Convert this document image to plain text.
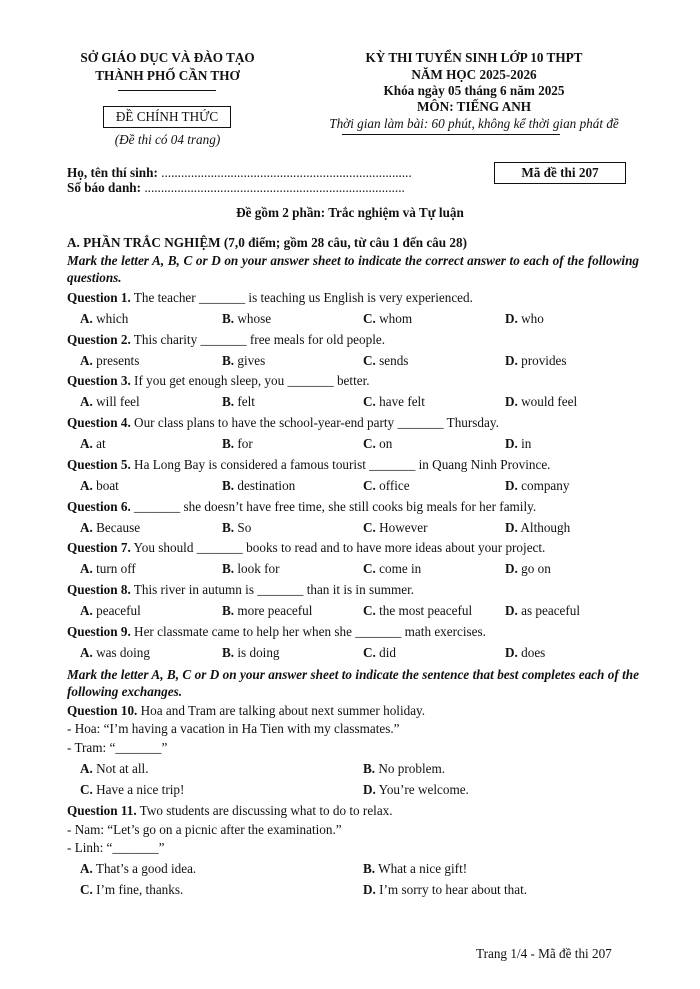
SỞ GIÁO DỤC VÀ ĐÀO TẠO
THÀNH PHỐ CẦN THƠ
ĐỀ CHÍNH THỨC
(Đề thi có 04 trang)
KỲ THI TUYỂN SINH LỚP 10 THPT
NĂM HỌC 2025-2026
Khóa ngày 05 tháng 6 năm 2025
MÔN: TIẾNG ANH
Thời gian làm bài: 60 phút, không kể thời gian phát đề
Họ, tên thí sinh: ............................................................................
Số báo danh: ...............................................................................
Mã đề thi 207
Đề gồm 2 phần: Trắc nghiệm và Tự luận
A. PHẦN TRẮC NGHIỆM (7,0 điểm; gồm 28 câu, từ câu 1 đến câu 28)
Mark the letter A, B, C or D on your answer sheet to indicate the correct answer to each of the following questions.
Question 1. The teacher _______ is teaching us English is very experienced.
A. which	B. whose	C. whom	D. who
Question 2. This charity _______ free meals for old people.
A. presents	B. gives	C. sends	D. provides
Question 3. If you get enough sleep, you _______ better.
A. will feel	B. felt	C. have felt	D. would feel
Question 4. Our class plans to have the school-year-end party _______ Thursday.
A. at	B. for	C. on	D. in
Question 5. Ha Long Bay is considered a famous tourist _______ in Quang Ninh Province.
A. boat	B. destination	C. office	D. company
Question 6. _______ she doesn’t have free time, she still cooks big meals for her family.
A. Because	B. So	C. However	D. Although
Question 7. You should _______ books to read and to have more ideas about your project.
A. turn off	B. look for	C. come in	D. go on
Question 8. This river in autumn is _______ than it is in summer.
A. peaceful	B. more peaceful	C. the most peaceful D. as peaceful
Question 9. Her classmate came to help her when she _______ math exercises.
A. was doing	B. is doing	C. did	D. does
Mark the letter A, B, C or D on your answer sheet to indicate the sentence that best completes each of the following exchanges.
Question 10. Hoa and Tram are talking about next summer holiday.
- Hoa: “I’m having a vacation in Ha Tien with my classmates.”
- Tram: “_______”
A. Not at all.	B. No problem.
C. Have a nice trip!	D. You’re welcome.
Question 11. Two students are discussing what to do to relax.
- Nam: “Let’s go on a picnic after the examination.”
- Linh: “_______”
A. That’s a good idea.	B. What a nice gift!
C. I’m fine, thanks.	D. I’m sorry to hear about that.
Trang 1/4 - Mã đề thi 207
